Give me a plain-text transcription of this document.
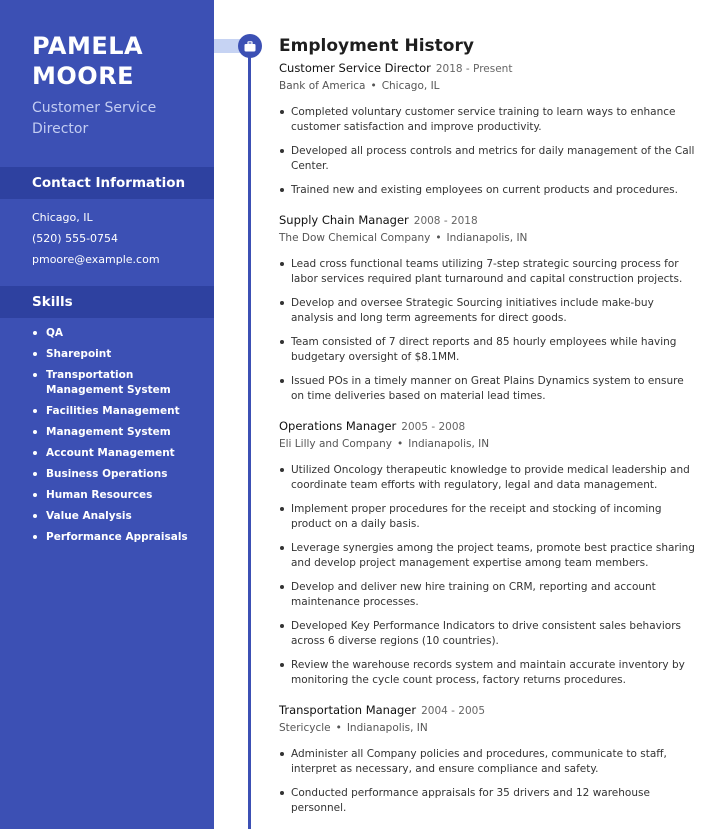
PAMELA
MOORE
Customer Service Director
Contact Information
Chicago, IL
(520) 555-0754
pmoore@example.com
Skills
QA
Sharepoint
Transportation Management System
Facilities Management
Management System
Account Management
Business Operations
Human Resources
Value Analysis
Performance Appraisals
Employment History
Customer Service Director 2018 - Present
Bank of America • Chicago, IL
Completed voluntary customer service training to learn ways to enhance customer satisfaction and improve productivity.
Developed all process controls and metrics for daily management of the Call Center.
Trained new and existing employees on current products and procedures.
Supply Chain Manager 2008 - 2018
The Dow Chemical Company • Indianapolis, IN
Lead cross functional teams utilizing 7-step strategic sourcing process for labor services required plant turnaround and capital construction projects.
Develop and oversee Strategic Sourcing initiatives include make-buy analysis and long term agreements for direct goods.
Team consisted of 7 direct reports and 85 hourly employees while having budgetary oversight of $8.1MM.
Issued POs in a timely manner on Great Plains Dynamics system to ensure on time deliveries based on material lead times.
Operations Manager 2005 - 2008
Eli Lilly and Company • Indianapolis, IN
Utilized Oncology therapeutic knowledge to provide medical leadership and coordinate team efforts with regulatory, legal and data management.
Implement proper procedures for the receipt and stocking of incoming product on a daily basis.
Leverage synergies among the project teams, promote best practice sharing and develop project management expertise among team members.
Develop and deliver new hire training on CRM, reporting and account maintenance processes.
Developed Key Performance Indicators to drive consistent sales behaviors across 6 diverse regions (10 countries).
Review the warehouse records system and maintain accurate inventory by monitoring the cycle count process, factory returns procedures.
Transportation Manager 2004 - 2005
Stericycle • Indianapolis, IN
Administer all Company policies and procedures, communicate to staff, interpret as necessary, and ensure compliance and safety.
Conducted performance appraisals for 35 drivers and 12 warehouse personnel.
